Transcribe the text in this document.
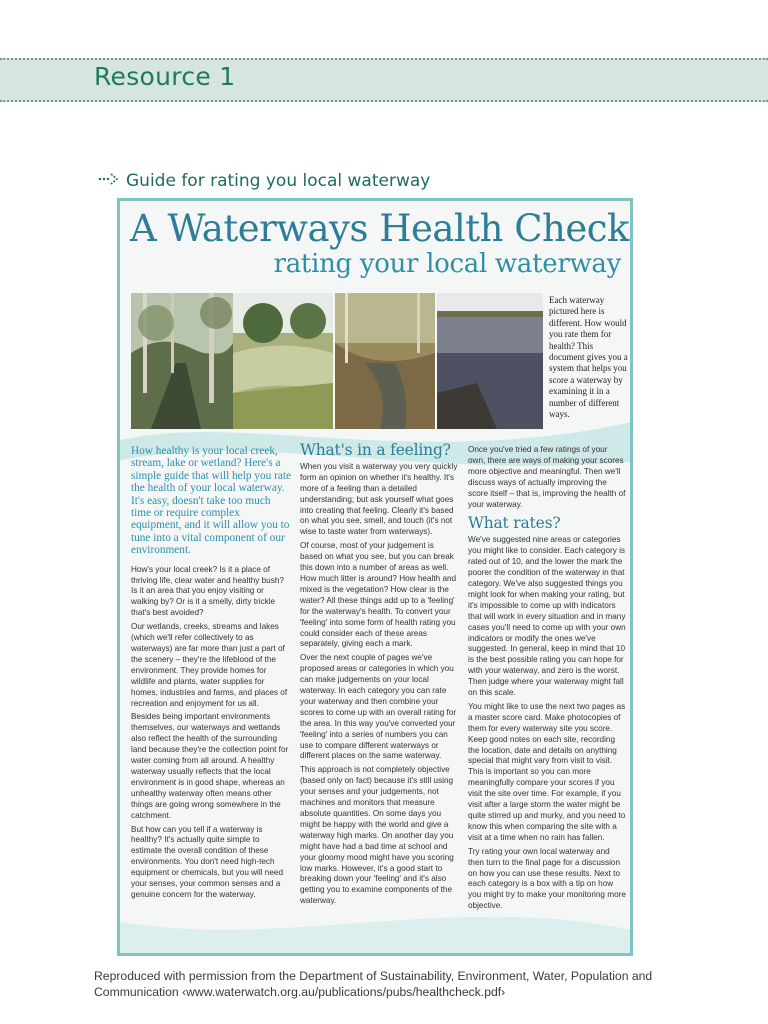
Resource 1
Guide for rating you local waterway
A Waterways Health Check
rating your local waterway
Each waterway pictured here is different. How would you rate them for health? This document gives you a system that helps you score a waterway by examining it in a number of different ways.

How healthy is your local creek, stream, lake or wetland? Here's a simple guide that will help you rate the health of your local waterway. It's easy, doesn't take too much time or require complex equipment, and it will allow you to tune into a vital component of our environment.

How's your local creek? Is it a place of thriving life, clear water and healthy bush? Is it an area that you enjoy visiting or walking by? Or is it a smelly, dirty trickle that's best avoided?

Our wetlands, creeks, streams and lakes (which we'll refer collectively to as waterways) are far more than just a part of the scenery – they're the lifeblood of the environment. They provide homes for wildlife and plants, water supplies for homes, industries and farms, and places of recreation and enjoyment for us all.

Besides being important environments themselves, our waterways and wetlands also reflect the health of the surrounding land because they're the collection point for water coming from all around. A healthy waterway usually reflects that the local environment is in good shape, whereas an unhealthy waterway often means other things are going wrong somewhere in the catchment.

But how can you tell if a waterway is healthy? It's actually quite simple to estimate the overall condition of these environments. You don't need high-tech equipment or chemicals, but you will need your senses, your common senses and a genuine concern for the waterway.

What's in a feeling?

When you visit a waterway you very quickly form an opinion on whether it's healthy. It's more of a feeling than a detailed understanding; but ask yourself what goes into creating that feeling. Clearly it's based on what you see, smell, and touch (it's not wise to taste water from waterways).

Of course, most of your judgement is based on what you see, but you can break this down into a number of areas as well. How much litter is around? How health and mixed is the vegetation? How clear is the water? All these things add up to a 'feeling' for the waterway's health. To convert your 'feeling' into some form of health rating you could consider each of these areas separately, giving each a mark.

Over the next couple of pages we've proposed areas or categories in which you can make judgements on your local waterway. In each category you can rate your waterway and then combine your scores to come up with an overall rating for the area. In this way you've converted your 'feeling' into a series of numbers you can use to compare different waterways or different places on the same waterway.

This approach is not completely objective (based only on fact) because it's still using your senses and your judgements, not machines and monitors that measure absolute quantities. On some days you might be happy with the world and give a waterway high marks. On another day you might have had a bad time at school and your gloomy mood might have you scoring low marks. However, it's a good start to breaking down your 'feeling' and it's also getting you to examine components of the waterway.

Once you've tried a few ratings of your own, there are ways of making your scores more objective and meaningful. Then we'll discuss ways of actually improving the score itself – that is, improving the health of your waterway.

What rates?

We've suggested nine areas or categories you might like to consider. Each category is rated out of 10, and the lower the mark the poorer the condition of the waterway in that category. We've also suggested things you might look for when making your rating, but it's impossible to come up with indicators that will work in every situation and in many cases you'll need to come up with your own indicators or modify the ones we've suggested. In general, keep in mind that 10 is the best possible rating you can hope for with your waterway, and zero is the worst. Then judge where your waterway might fall on this scale.

You might like to use the next two pages as a master score card. Make photocopies of them for every waterway site you score. Keep good notes on each site, recording the location, date and details on anything special that might vary from visit to visit. This is important so you can more meaningfully compare your scores if you visit the site over time. For example, if you visit after a large storm the water might be quite stirred up and murky, and you need to know this when comparing the site with a visit at a time when no rain has fallen.

Try rating your own local waterway and then turn to the final page for a discussion on how you can use these results. Next to each category is a box with a tip on how you might try to make your monitoring more objective.

Reproduced with permission from the Department of Sustainability, Environment, Water, Population and Communication ‹www.waterwatch.org.au/publications/pubs/healthcheck.pdf›
